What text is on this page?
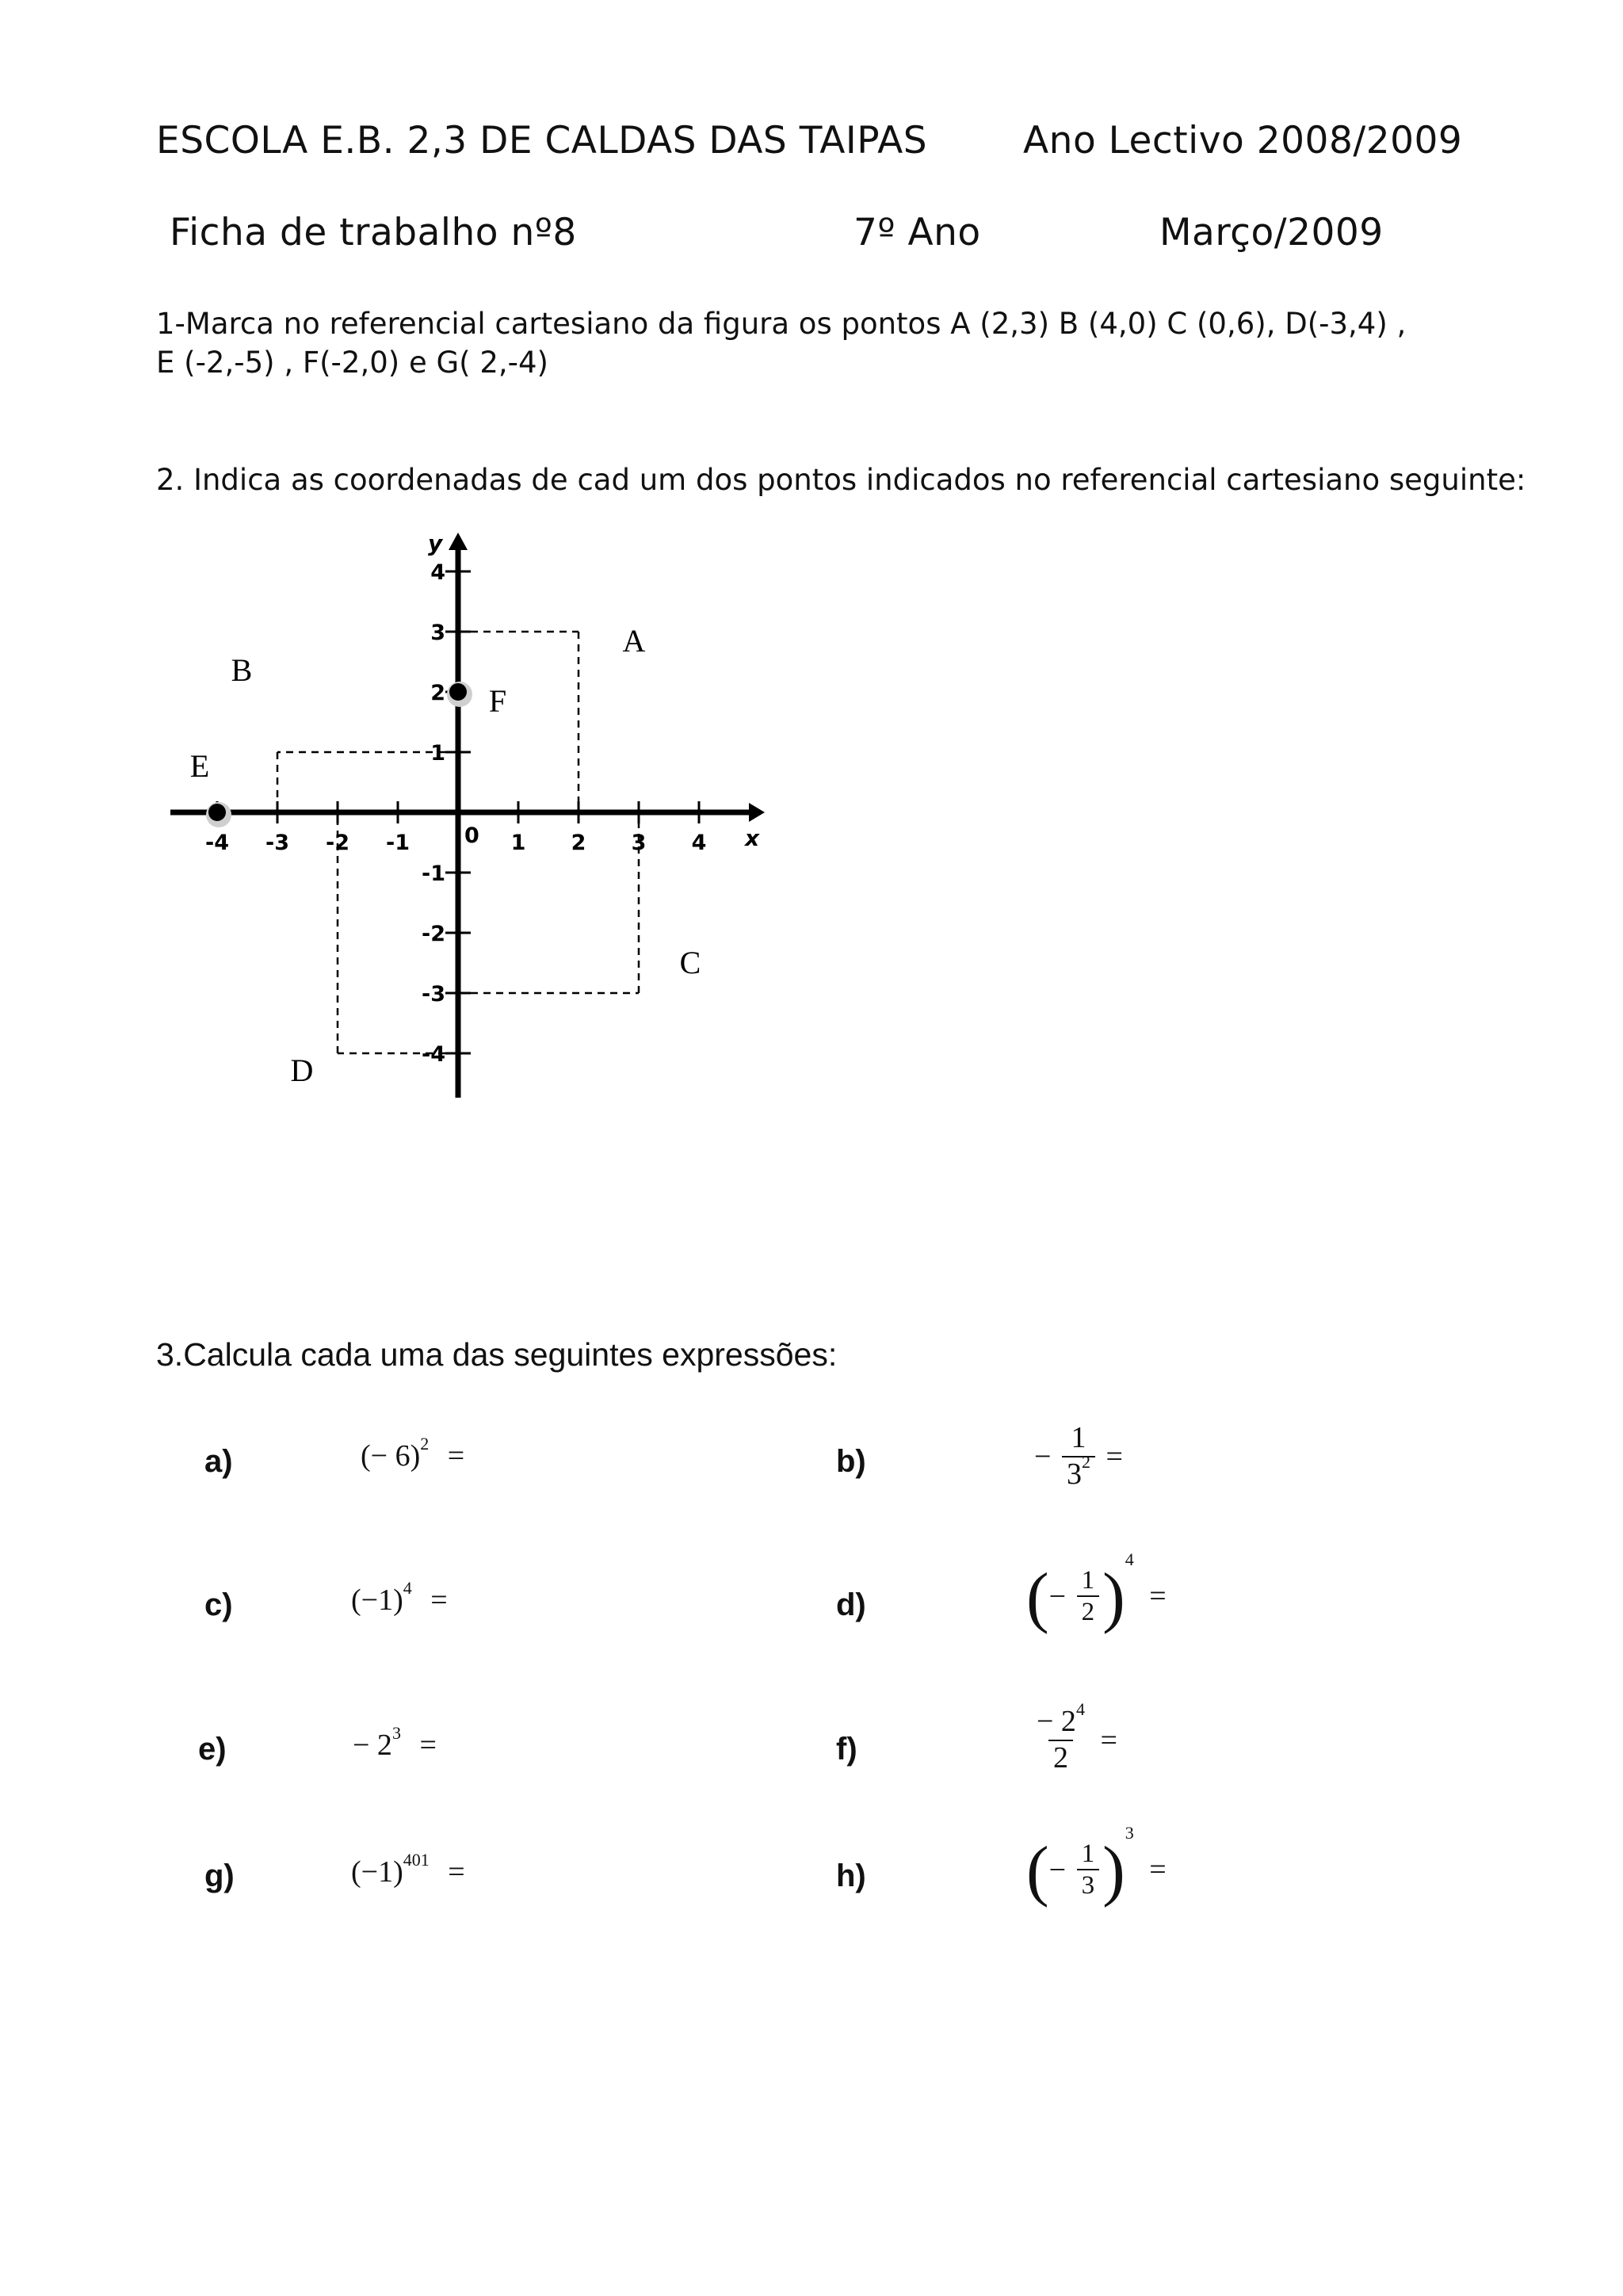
ESCOLA E.B. 2,3 DE CALDAS DAS TAIPAS	Ano Lectivo 2008/2009
Ficha de trabalho nº8	7º Ano	Março/2009
1-Marca no referencial cartesiano da figura os pontos A (2,3) B (4,0) C (0,6), D(-3,4) ,
E (-2,-5) , F(-2,0) e G( 2,-4)
2. Indica as coordenadas de cad um dos pontos indicados no referencial cartesiano seguinte:
x
y
0
-4 -3 -2 -1	1 2 3 4
4
3
2
1
-1
-2
-3
-4
A
B
C
D
E
F
3.Calcula cada uma das seguintes expressões:
a)	(− 6)$^2$ =	b)	− $\frac{1}{3^2}$ =
c)	$(-1)^4$ =	d) (− $\frac{1}{2} )^4$ =
e)	− $2^3$ =	f)	$\frac{- 2^4}{2}$ =
g)	$(-1)^{401}$ =	h) (− $\frac{1}{3} )^3$ =
